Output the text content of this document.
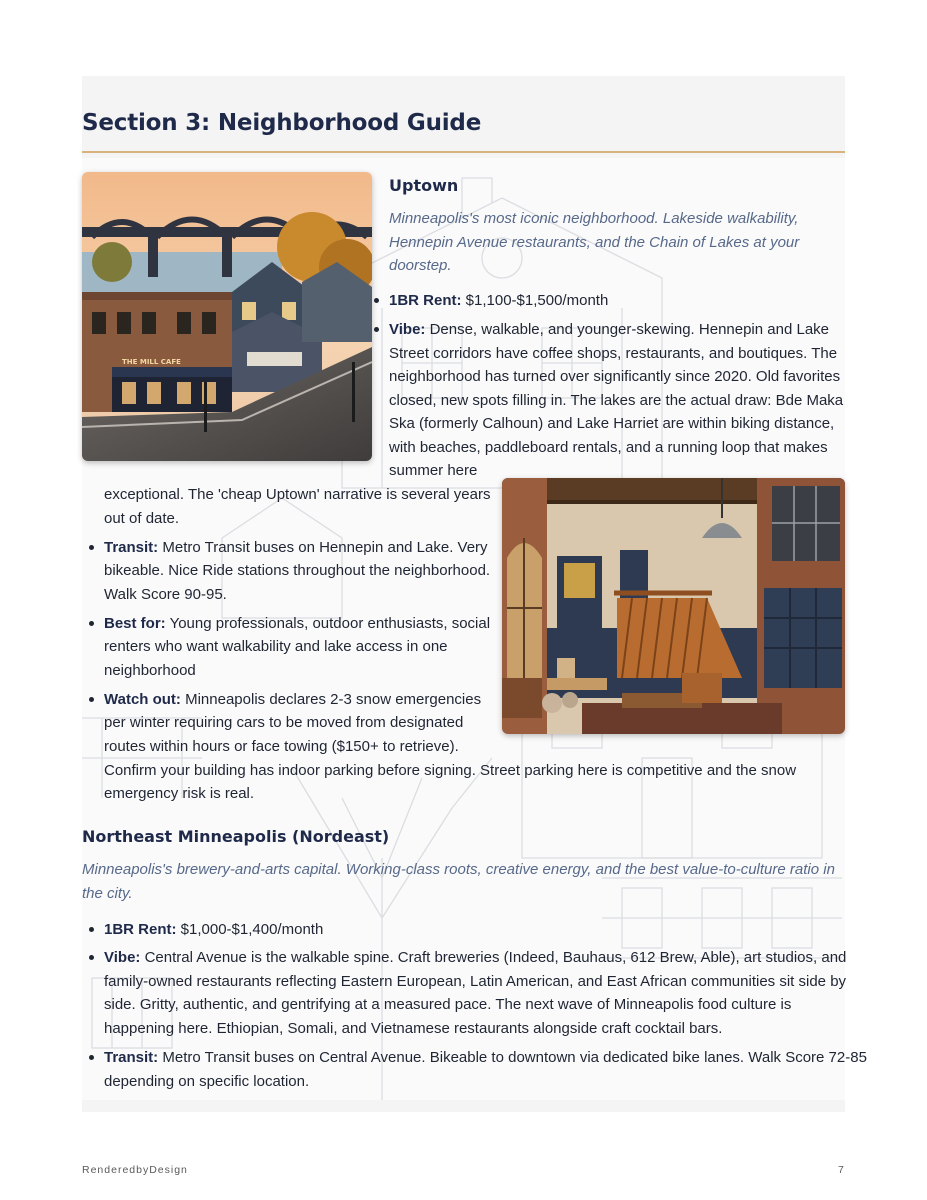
Section 3: Neighborhood Guide
THE MILL CAFE
Uptown
Minneapolis's most iconic neighborhood. Lakeside walkability,
Hennepin Avenue restaurants, and the Chain of Lakes at your
doorstep.
1BR Rent: $1,100-$1,500/month
Vibe: Dense, walkable, and younger-skewing. Hennepin and Lake
Street corridors have coffee shops, restaurants, and boutiques. The
neighborhood has turned over significantly since 2020. Old favorites
closed, new spots filling in. The lakes are the actual draw: Bde Maka
Ska (formerly Calhoun) and Lake Harriet are within biking distance,
with beaches, paddleboard rentals, and a running loop that makes
summer here
exceptional. The 'cheap Uptown' narrative is several years
out of date.
Transit: Metro Transit buses on Hennepin and Lake. Very
bikeable. Nice Ride stations throughout the neighborhood.
Walk Score 90-95.
Best for: Young professionals, outdoor enthusiasts, social
renters who want walkability and lake access in one
neighborhood
Watch out: Minneapolis declares 2-3 snow emergencies
per winter requiring cars to be moved from designated
routes within hours or face towing ($150+ to retrieve).
Confirm your building has indoor parking before signing. Street parking here is competitive and the snow
emergency risk is real.
Northeast Minneapolis (Nordeast)
Minneapolis's brewery-and-arts capital. Working-class roots, creative energy, and the best value-to-culture ratio in
the city.
1BR Rent: $1,000-$1,400/month
Vibe: Central Avenue is the walkable spine. Craft breweries (Indeed, Bauhaus, 612 Brew, Able), art studios, and
family-owned restaurants reflecting Eastern European, Latin American, and East African communities sit side by
side. Gritty, authentic, and gentrifying at a measured pace. The next wave of Minneapolis food culture is
happening here. Ethiopian, Somali, and Vietnamese restaurants alongside craft cocktail bars.
Transit: Metro Transit buses on Central Avenue. Bikeable to downtown via dedicated bike lanes. Walk Score 72-85
depending on specific location.
RenderedbyDesign	7
